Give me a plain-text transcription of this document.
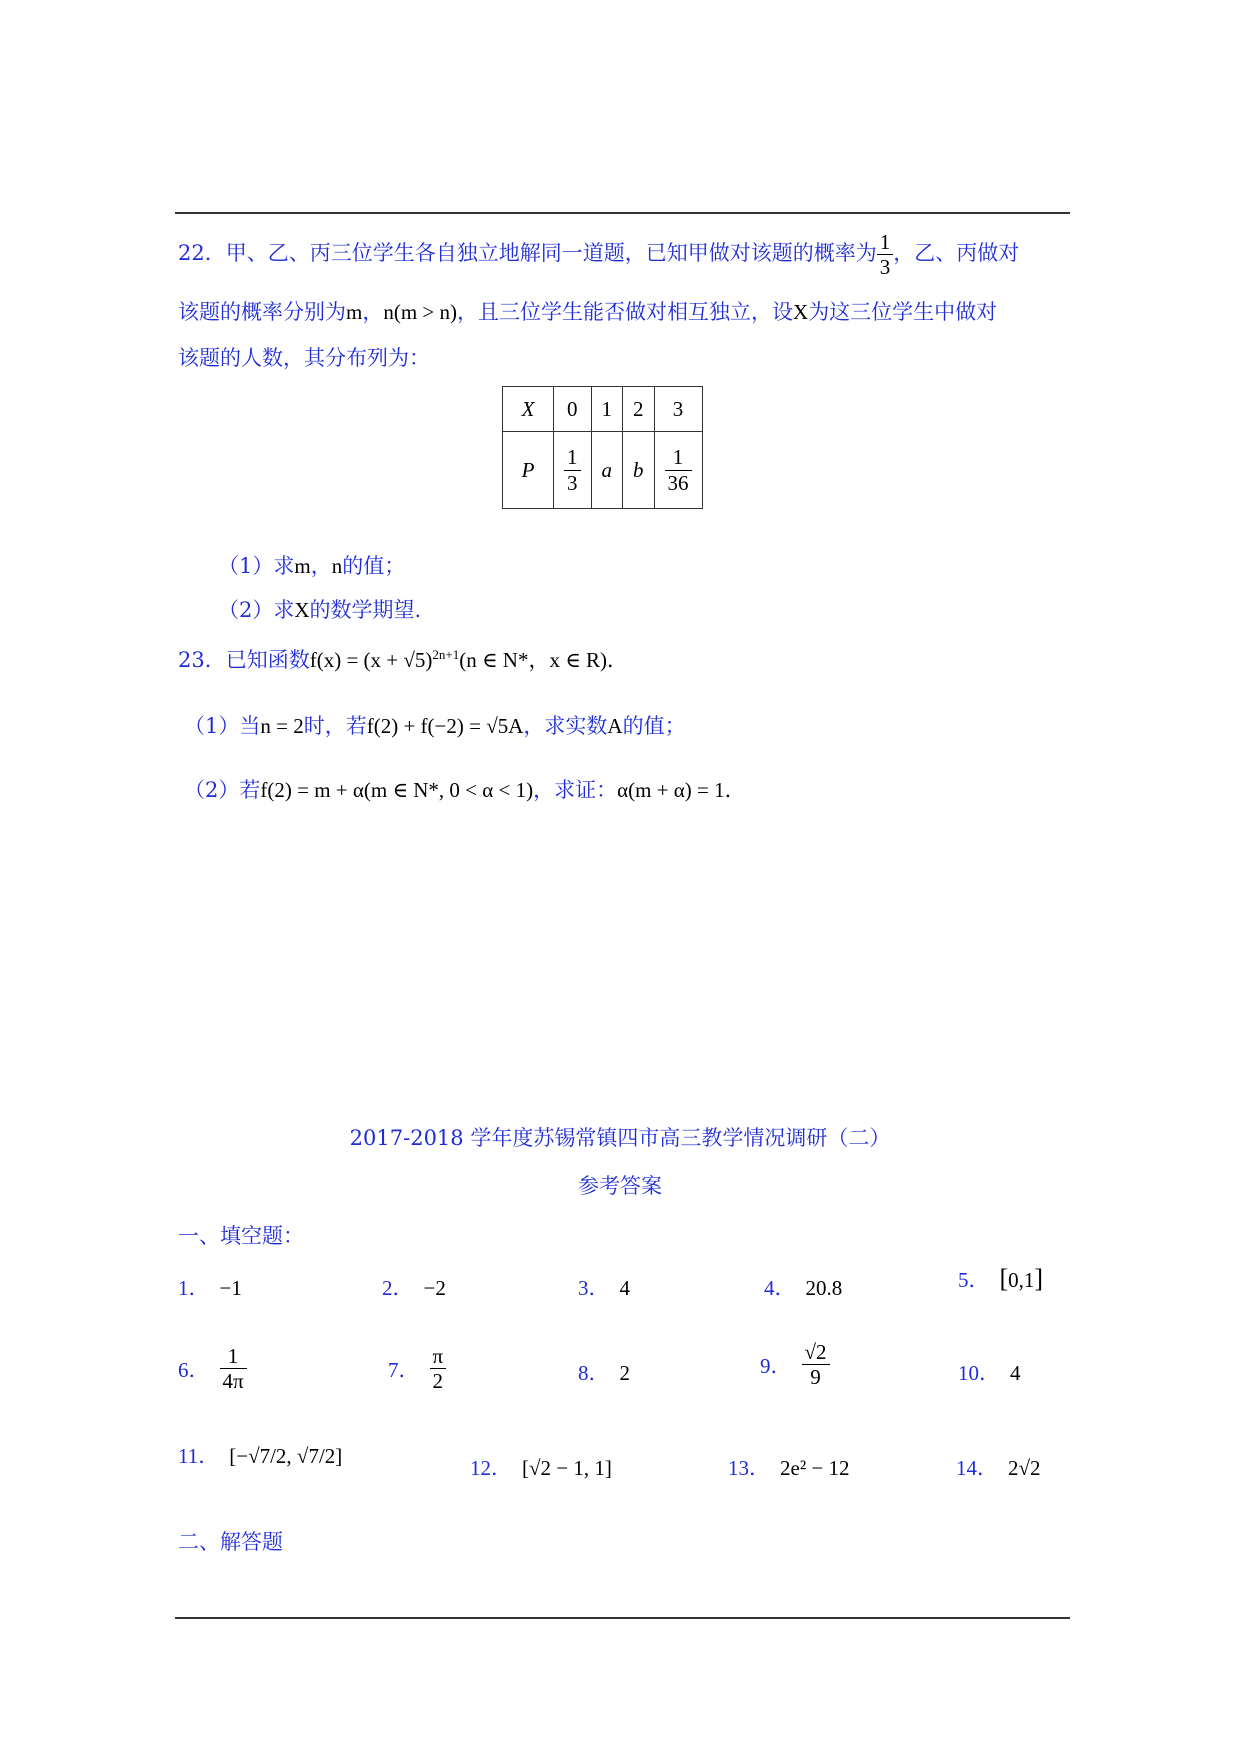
22．甲、乙、丙三位学生各自独立地解同一道题，已知甲做对该题的概率为 $\frac{1}{3}$ ，乙、丙做对
该题的概率分别为m，n(m > n)，且三位学生能否做对相互独立，设X为这三位学生中做对
该题的人数，其分布列为：
X	0	1	2	3
P	$\frac{1}{3}$	a	b	$\frac{1}{36}$
（1）求m，n的值；
（2）求X的数学期望.
23．已知函数$f(x) = (x + √5)^{2n+1}(n$ ∈ N*，x ∈ R)．
（1）当n = 2时，若f(2) + f(−2) = √5A，求实数A的值；
（2）若f(2) = m + α(m ∈ N*, 0 < α < 1)，求证：α(m + α) = 1．
2017-2018 学年度苏锡常镇四市高三教学情况调研（二）
参考答案
一、填空题：
1． −1	2． −2	3． 4	4． 20.8	5． [0,1]
6． $\frac{1}{4\pi}$	7． $\frac{\pi}{2}$	8． 2	9． $\frac{√2}{9}$	10． 4
11． [−√7/2, √7/2]	12． [√2 − 1, 1]	13． 2e² − 12	14． 2√2
二、解答题
